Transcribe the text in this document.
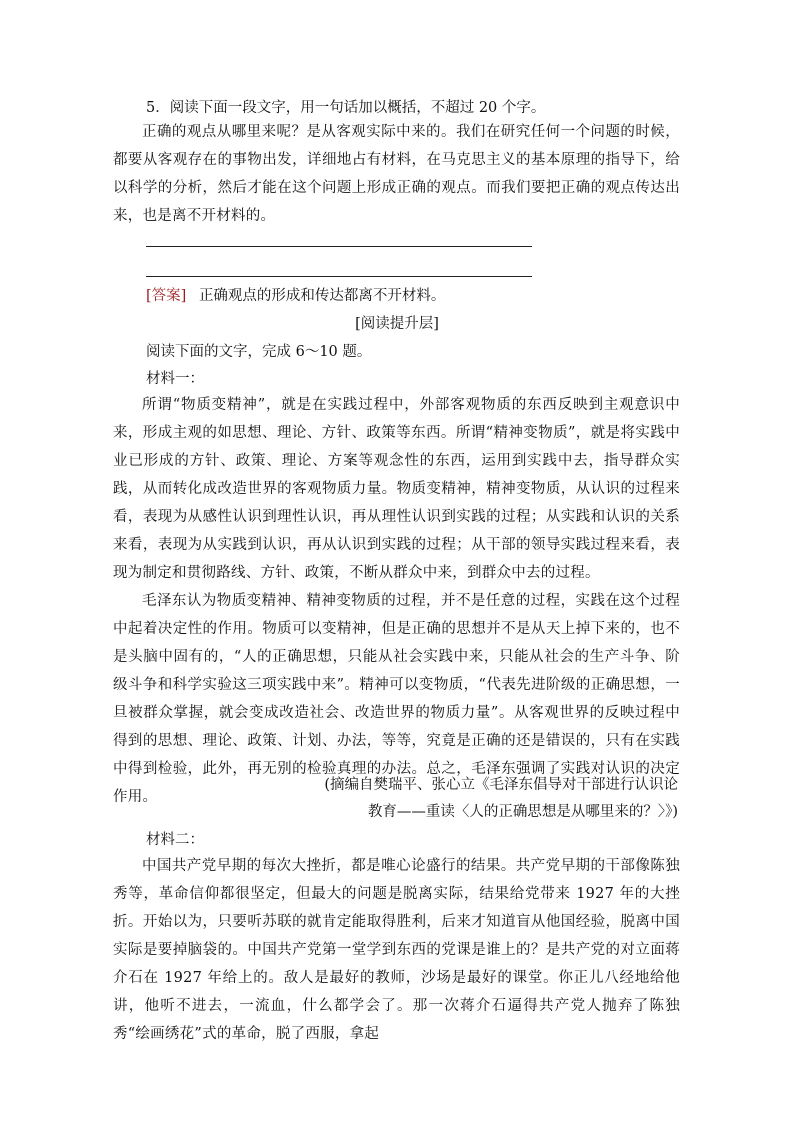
5．阅读下面一段文字，用一句话加以概括，不超过 20 个字。

正确的观点从哪里来呢？是从客观实际中来的。我们在研究任何一个问题的时候，都要从客观存在的事物出发，详细地占有材料，在马克思主义的基本原理的指导下，给以科学的分析，然后才能在这个问题上形成正确的观点。而我们要把正确的观点传达出来，也是离不开材料的。

[答案] 正确观点的形成和传达都离不开材料。
[阅读提升层]
阅读下面的文字，完成 6～10 题。
材料一：

所谓“物质变精神”，就是在实践过程中，外部客观物质的东西反映到主观意识中来，形成主观的如思想、理论、方针、政策等东西。所谓“精神变物质”，就是将实践中业已形成的方针、政策、理论、方案等观念性的东西，运用到实践中去，指导群众实践，从而转化成改造世界的客观物质力量。物质变精神，精神变物质，从认识的过程来看，表现为从感性认识到理性认识，再从理性认识到实践的过程；从实践和认识的关系来看，表现为从实践到认识，再从认识到实践的过程；从干部的领导实践过程来看，表现为制定和贯彻路线、方针、政策，不断从群众中来，到群众中去的过程。

毛泽东认为物质变精神、精神变物质的过程，并不是任意的过程，实践在这个过程中起着决定性的作用。物质可以变精神，但是正确的思想并不是从天上掉下来的，也不是头脑中固有的，“人的正确思想，只能从社会实践中来，只能从社会的生产斗争、阶级斗争和科学实验这三项实践中来”。精神可以变物质，“代表先进阶级的正确思想，一旦被群众掌握，就会变成改造社会、改造世界的物质力量”。从客观世界的反映过程中得到的思想、理论、政策、计划、办法，等等，究竟是正确的还是错误的，只有在实践中得到检验，此外，再无别的检验真理的办法。总之，毛泽东强调了实践对认识的决定作用。

(摘编自樊瑞平、张心立《毛泽东倡导对干部进行认识论
教育——重读〈人的正确思想是从哪里来的？〉》)
材料二：

中国共产党早期的每次大挫折，都是唯心论盛行的结果。共产党早期的干部像陈独秀等，革命信仰都很坚定，但最大的问题是脱离实际，结果给党带来 1927 年的大挫折。开始以为，只要听苏联的就肯定能取得胜利，后来才知道盲从他国经验，脱离中国实际是要掉脑袋的。中国共产党第一堂学到东西的党课是谁上的？是共产党的对立面蒋介石在 1927 年给上的。敌人是最好的教师，沙场是最好的课堂。你正儿八经地给他讲，他听不进去，一流血，什么都学会了。那一次蒋介石逼得共产党人抛弃了陈独秀“绘画绣花”式的革命，脱了西服，拿起
